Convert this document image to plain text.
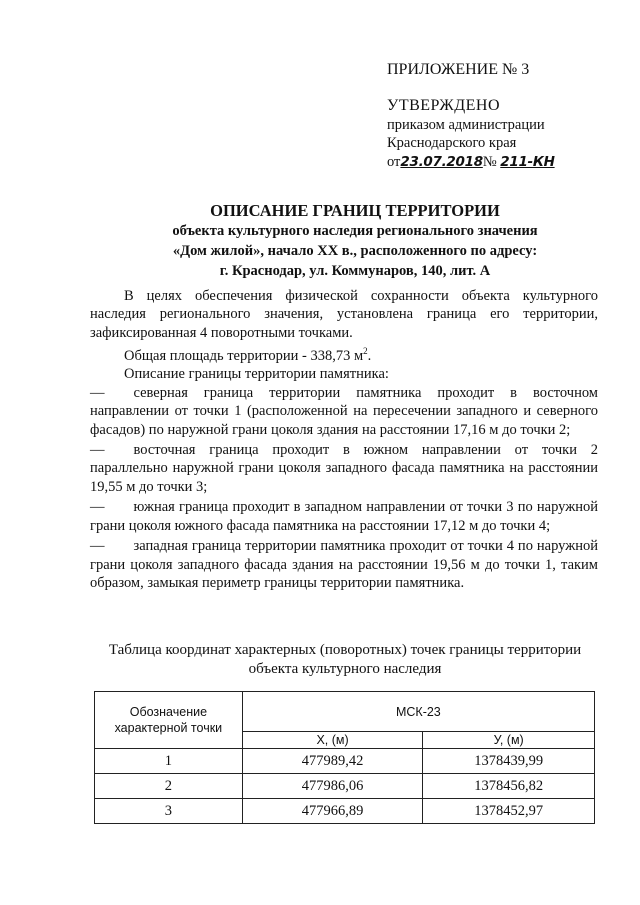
ПРИЛОЖЕНИЕ № 3
УТВЕРЖДЕНО
приказом администрации
Краснодарского края
от23.07.2018№ 211-КН
ОПИСАНИЕ ГРАНИЦ ТЕРРИТОРИИ
объекта культурного наследия регионального значения
«Дом жилой», начало XX в., расположенного по адресу:
г. Краснодар, ул. Коммунаров, 140, лит. А

В целях обеспечения физической сохранности объекта культурного наследия регионального значения, установлена граница его территории, зафиксированная 4 поворотными точками.

Общая площадь территории - 338,73 $м^2$.

Описание границы территории памятника:

—  северная граница территории памятника проходит в восточном направлении от точки 1 (расположенной на пересечении западного и северного фасадов) по наружной грани цоколя здания на расстоянии 17,16 м до точки 2;

—  восточная граница проходит в южном направлении от точки 2 параллельно наружной грани цоколя западного фасада памятника на расстоянии 19,55 м до точки 3;

—  южная граница проходит в западном направлении от точки 3 по наружной грани цоколя южного фасада памятника на расстоянии 17,12 м до точки 4;

—  западная граница территории памятника проходит от точки 4 по наружной грани цоколя западного фасада здания на расстоянии 19,56 м до точки 1, таким образом, замыкая периметр границы территории памятника.

Таблица координат характерных (поворотных) точек границы территории
объекта культурного наследия
Обозначение характерной точки	МСК-23	
	X, (м)	У, (м)
1	477989,42	1378439,99
2	477986,06	1378456,82
3	477966,89	1378452,97
